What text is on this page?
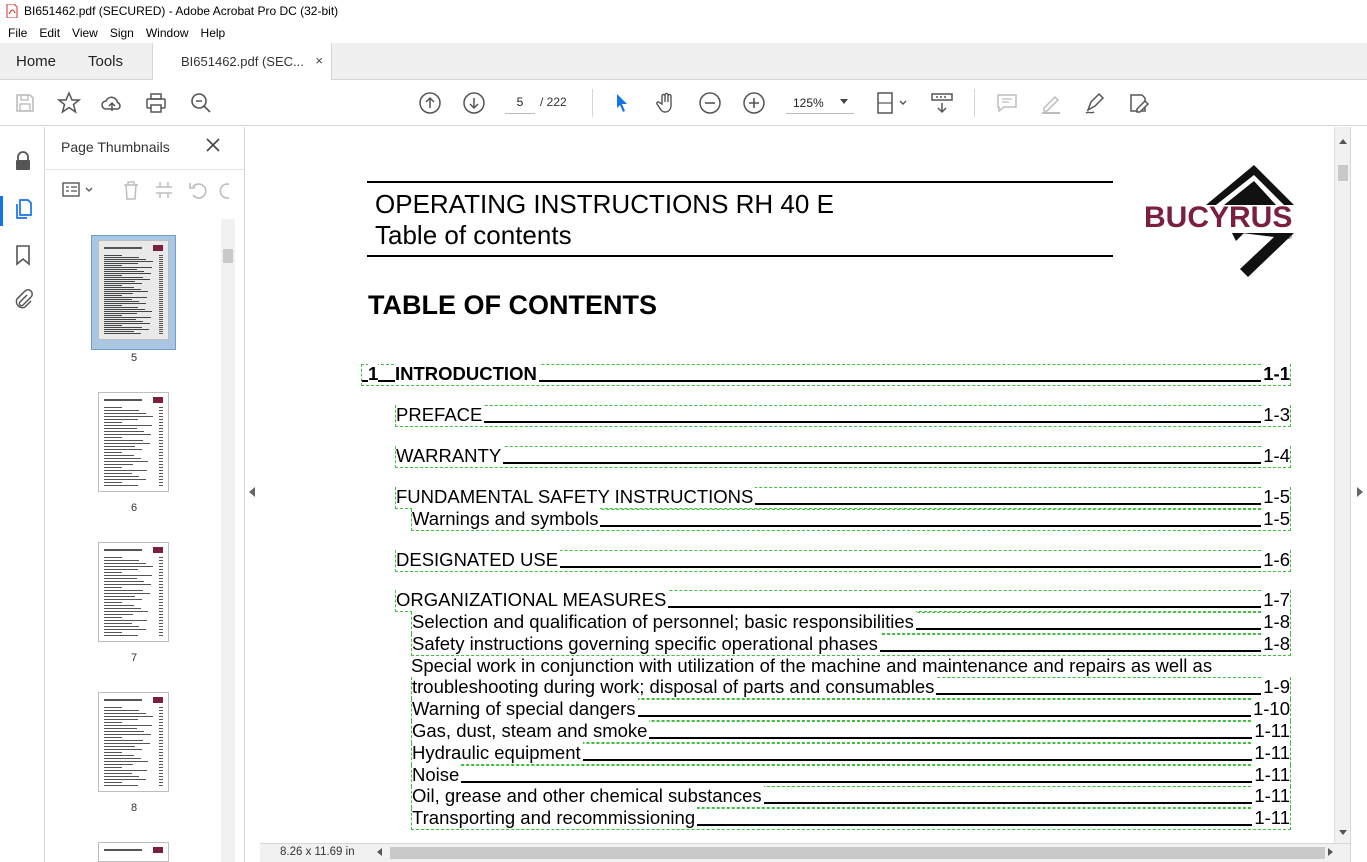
BI651462.pdf (SECURED) - Adobe Acrobat Pro DC (32-bit)
File	Edit	View	Sign	Window	Help
Home Tools	BI651462.pdf (SEC... ×
5
/ 222	125%
Page Thumbnails
5
6
7
8
OPERATING INSTRUCTIONS RH 40 E
Table of contents
BUCYRUS
®
TABLE OF CONTENTS
1 INTRODUCTION	1-1
PREFACE	1-3
WARRANTY	1-4
FUNDAMENTAL SAFETY INSTRUCTIONS	1-5
Warnings and symbols	1-5
DESIGNATED USE	1-6
ORGANIZATIONAL MEASURES	1-7
Selection and qualification of personnel; basic responsibilities	1-8
Safety instructions governing specific operational phases	1-8
Special work in conjunction with utilization of the machine and maintenance and repairs as well as
troubleshooting during work; disposal of parts and consumables	1-9
Warning of special dangers	1-10
Gas, dust, steam and smoke	1-11
Hydraulic equipment	1-11
Noise	1-11
Oil, grease and other chemical substances	1-11
Transporting and recommissioning	1-11
8.26 x 11.69 in
